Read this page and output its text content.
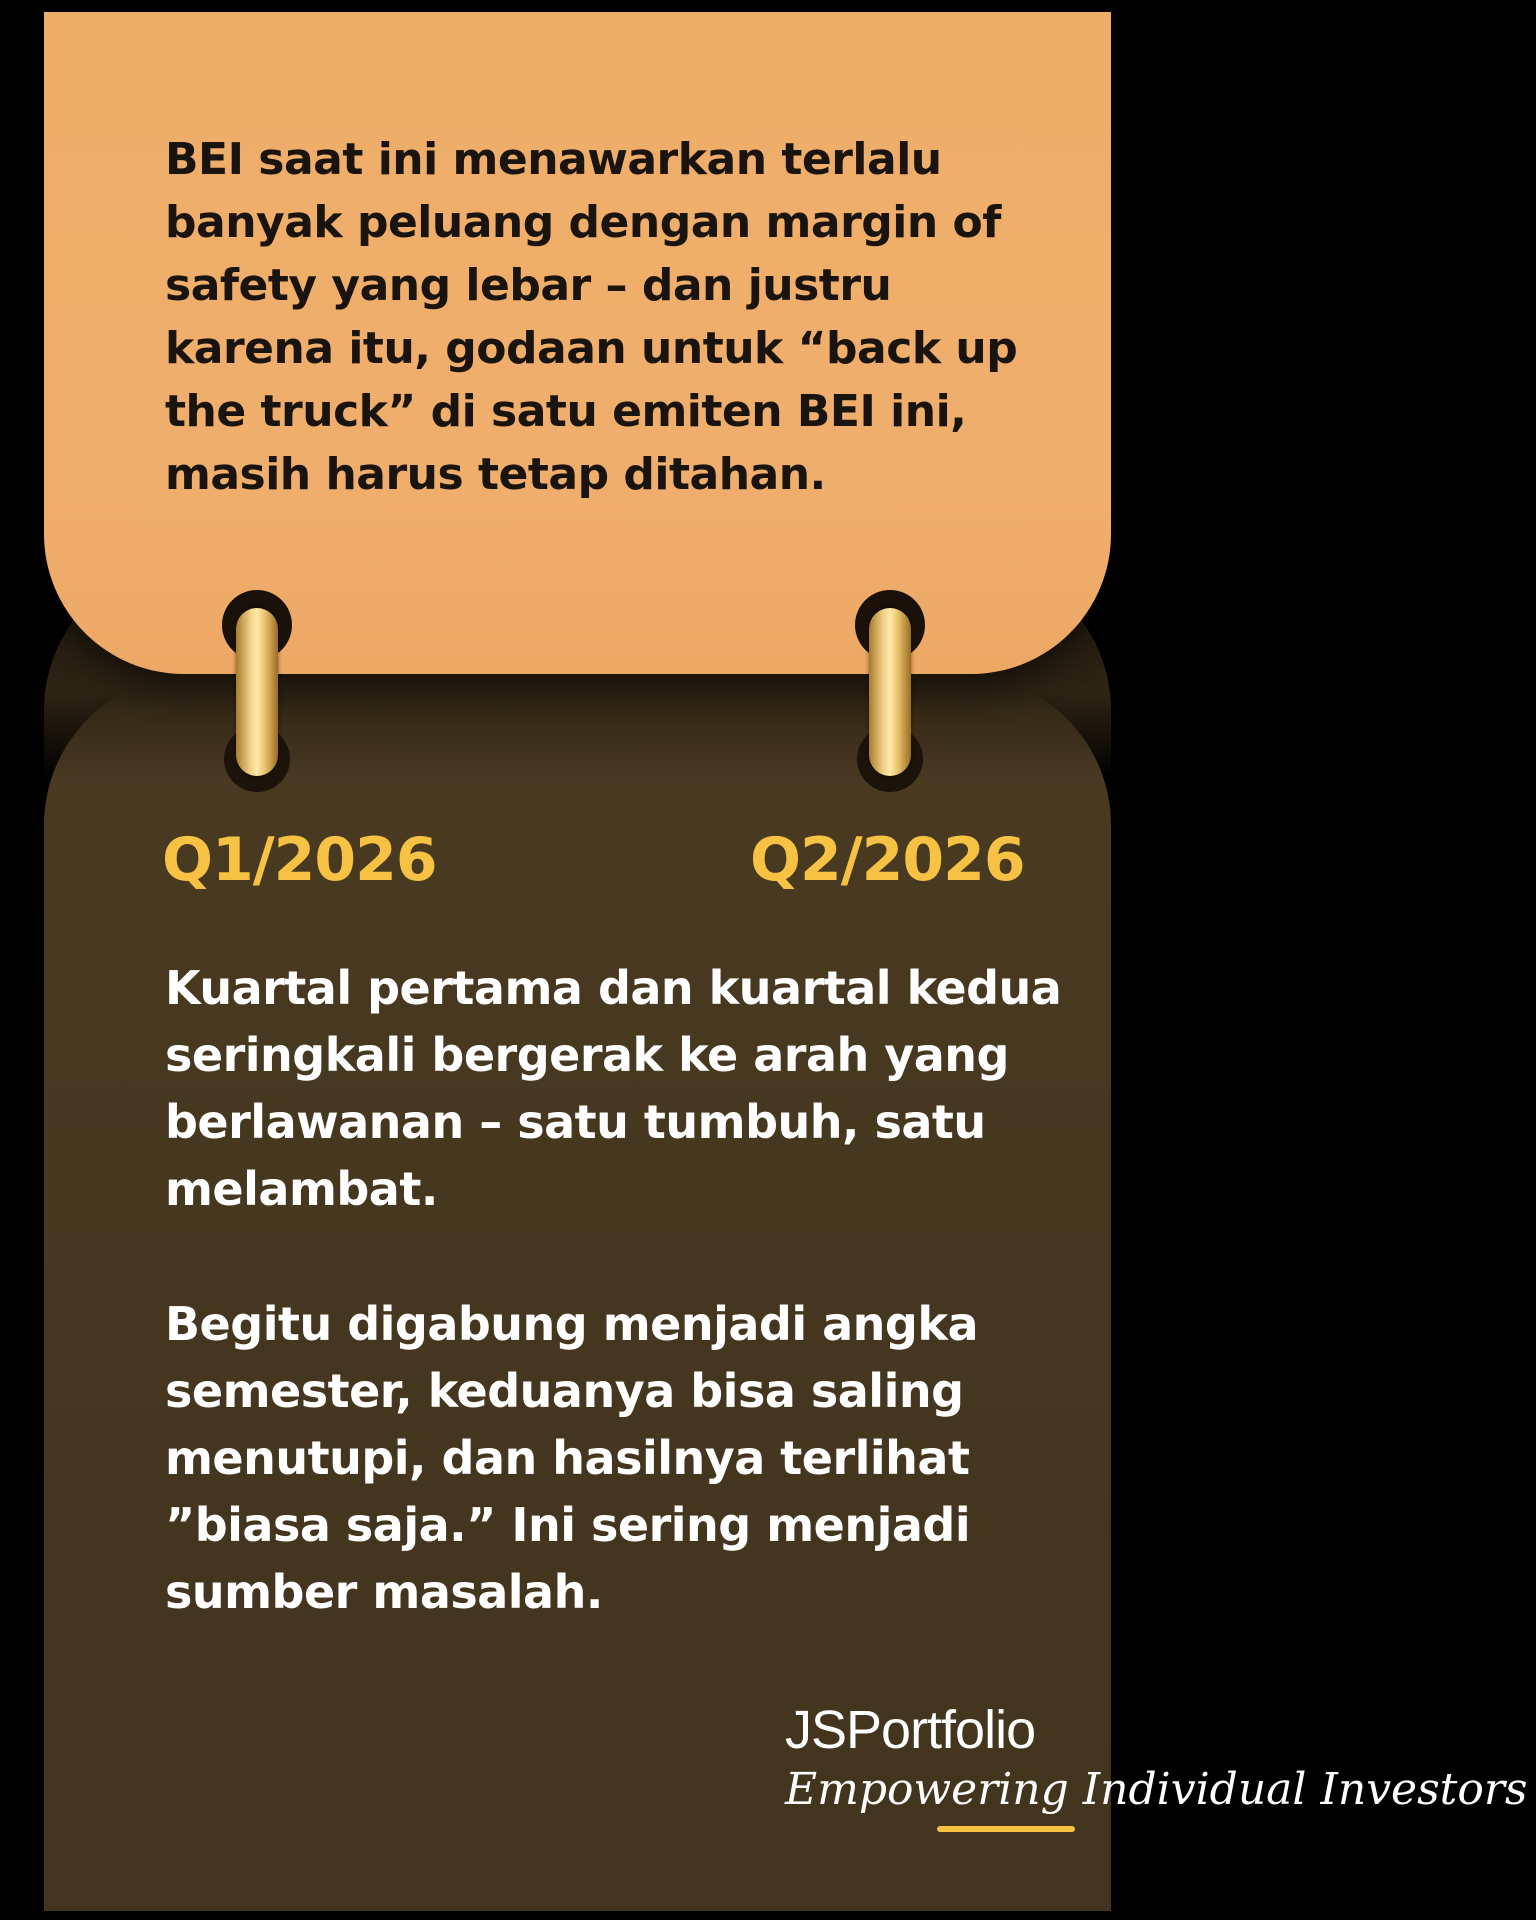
BEI saat ini menawarkan terlalu banyak peluang dengan margin of safety yang lebar – dan justru karena itu, godaan untuk “back up the truck” di satu emiten BEI ini, masih harus tetap ditahan.

Q1/2026	Q2/2026

Kuartal pertama dan kuartal kedua seringkali bergerak ke arah yang berlawanan – satu tumbuh, satu melambat.

Begitu digabung menjadi angka semester, keduanya bisa saling menutupi, dan hasilnya terlihat ”biasa saja.” Ini sering menjadi sumber masalah.

JSPortfolio

Empowering Individual Investors
